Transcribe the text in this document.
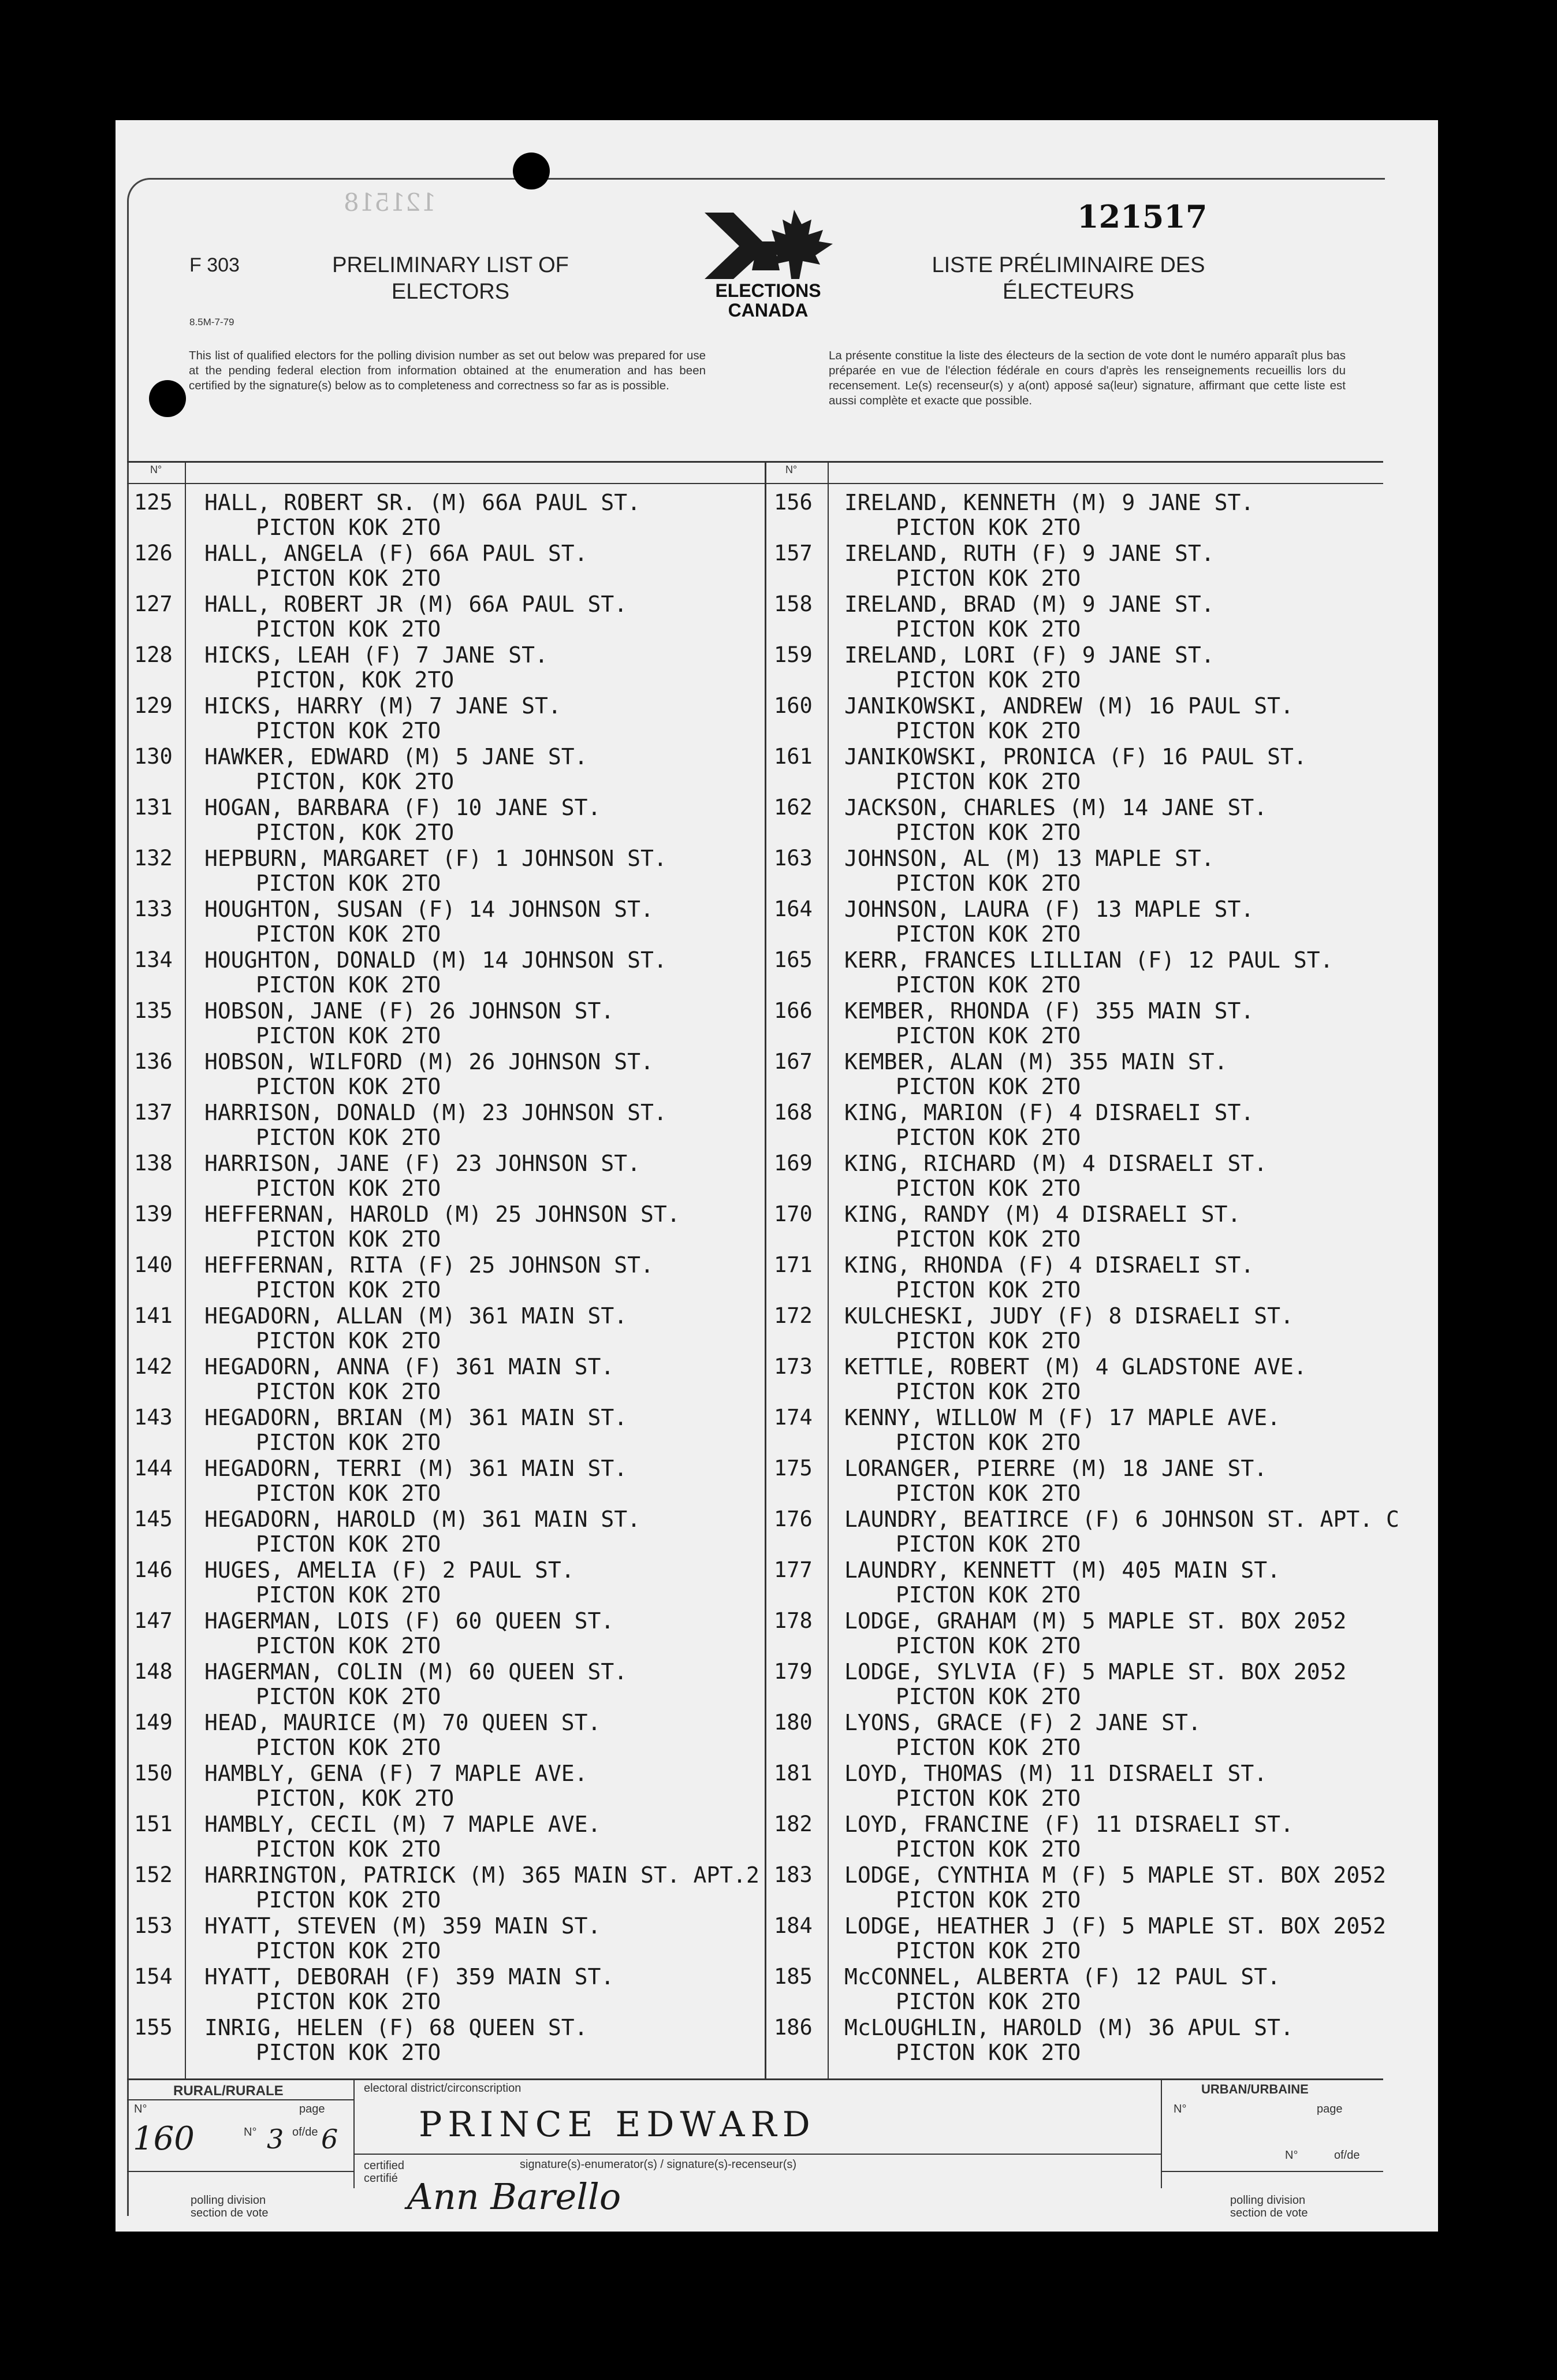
F 303
8.5M-7-79
PRELIMINARY LIST OF ELECTORS
LISTE PRÉLIMINAIRE DES ÉLECTEURS
121518	121517
ELECTIONS CANADA
This list of qualified electors for the polling division number as set out below was prepared for use at the pending federal election from information obtained at the enumeration and has been certified by the signature(s) below as to completeness and correctness so far as is possible.
La présente constitue la liste des électeurs de la section de vote dont le numéro apparaît plus bas préparée en vue de l'élection fédérale en cours d'après les renseignements recueillis lors du recensement. Le(s) recenseur(s) y a(ont) apposé sa(leur) signature, affirmant que cette liste est aussi complète et exacte que possible.
N°	N°
125 HALL, ROBERT SR. (M) 66A PAUL ST.
PICTON KOK 2TO
126 HALL, ANGELA (F) 66A PAUL ST.
PICTON KOK 2TO
127 HALL, ROBERT JR (M) 66A PAUL ST.
PICTON KOK 2TO
128 HICKS, LEAH (F) 7 JANE ST.
PICTON, KOK 2TO
129 HICKS, HARRY (M) 7 JANE ST.
PICTON KOK 2TO
130 HAWKER, EDWARD (M) 5 JANE ST.
PICTON, KOK 2TO
131 HOGAN, BARBARA (F) 10 JANE ST.
PICTON, KOK 2TO
132 HEPBURN, MARGARET (F) 1 JOHNSON ST.
PICTON KOK 2TO
133 HOUGHTON, SUSAN (F) 14 JOHNSON ST.
PICTON KOK 2TO
134 HOUGHTON, DONALD (M) 14 JOHNSON ST.
PICTON KOK 2TO
135 HOBSON, JANE (F) 26 JOHNSON ST.
PICTON KOK 2TO
136 HOBSON, WILFORD (M) 26 JOHNSON ST.
PICTON KOK 2TO
137 HARRISON, DONALD (M) 23 JOHNSON ST.
PICTON KOK 2TO
138 HARRISON, JANE (F) 23 JOHNSON ST.
PICTON KOK 2TO
139 HEFFERNAN, HAROLD (M) 25 JOHNSON ST.
PICTON KOK 2TO
140 HEFFERNAN, RITA (F) 25 JOHNSON ST.
PICTON KOK 2TO
141 HEGADORN, ALLAN (M) 361 MAIN ST.
PICTON KOK 2TO
142 HEGADORN, ANNA (F) 361 MAIN ST.
PICTON KOK 2TO
143 HEGADORN, BRIAN (M) 361 MAIN ST.
PICTON KOK 2TO
144 HEGADORN, TERRI (M) 361 MAIN ST.
PICTON KOK 2TO
145 HEGADORN, HAROLD (M) 361 MAIN ST.
PICTON KOK 2TO
146 HUGES, AMELIA (F) 2 PAUL ST.
PICTON KOK 2TO
147 HAGERMAN, LOIS (F) 60 QUEEN ST.
PICTON KOK 2TO
148 HAGERMAN, COLIN (M) 60 QUEEN ST.
PICTON KOK 2TO
149 HEAD, MAURICE (M) 70 QUEEN ST.
PICTON KOK 2TO
150 HAMBLY, GENA (F) 7 MAPLE AVE.
PICTON, KOK 2TO
151 HAMBLY, CECIL (M) 7 MAPLE AVE.
PICTON KOK 2TO
152 HARRINGTON, PATRICK (M) 365 MAIN ST. APT.2
PICTON KOK 2TO
153 HYATT, STEVEN (M) 359 MAIN ST.
PICTON KOK 2TO
154 HYATT, DEBORAH (F) 359 MAIN ST.
PICTON KOK 2TO
155 INRIG, HELEN (F) 68 QUEEN ST.
PICTON KOK 2TO
156 IRELAND, KENNETH (M) 9 JANE ST.
PICTON KOK 2TO
157 IRELAND, RUTH (F) 9 JANE ST.
PICTON KOK 2TO
158 IRELAND, BRAD (M) 9 JANE ST.
PICTON KOK 2TO
159 IRELAND, LORI (F) 9 JANE ST.
PICTON KOK 2TO
160 JANIKOWSKI, ANDREW (M) 16 PAUL ST.
PICTON KOK 2TO
161 JANIKOWSKI, PRONICA (F) 16 PAUL ST.
PICTON KOK 2TO
162 JACKSON, CHARLES (M) 14 JANE ST.
PICTON KOK 2TO
163 JOHNSON, AL (M) 13 MAPLE ST.
PICTON KOK 2TO
164 JOHNSON, LAURA (F) 13 MAPLE ST.
PICTON KOK 2TO
165 KERR, FRANCES LILLIAN (F) 12 PAUL ST.
PICTON KOK 2TO
166 KEMBER, RHONDA (F) 355 MAIN ST.
PICTON KOK 2TO
167 KEMBER, ALAN (M) 355 MAIN ST.
PICTON KOK 2TO
168 KING, MARION (F) 4 DISRAELI ST.
PICTON KOK 2TO
169 KING, RICHARD (M) 4 DISRAELI ST.
PICTON KOK 2TO
170 KING, RANDY (M) 4 DISRAELI ST.
PICTON KOK 2TO
171 KING, RHONDA (F) 4 DISRAELI ST.
PICTON KOK 2TO
172 KULCHESKI, JUDY (F) 8 DISRAELI ST.
PICTON KOK 2TO
173 KETTLE, ROBERT (M) 4 GLADSTONE AVE.
PICTON KOK 2TO
174 KENNY, WILLOW M (F) 17 MAPLE AVE.
PICTON KOK 2TO
175 LORANGER, PIERRE (M) 18 JANE ST.
PICTON KOK 2TO
176 LAUNDRY, BEATIRCE (F) 6 JOHNSON ST. APT. C
PICTON KOK 2TO
177 LAUNDRY, KENNETT (M) 405 MAIN ST.
PICTON KOK 2TO
178 LODGE, GRAHAM (M) 5 MAPLE ST. BOX 2052
PICTON KOK 2TO
179 LODGE, SYLVIA (F) 5 MAPLE ST. BOX 2052
PICTON KOK 2TO
180 LYONS, GRACE (F) 2 JANE ST.
PICTON KOK 2TO
181 LOYD, THOMAS (M) 11 DISRAELI ST.
PICTON KOK 2TO
182 LOYD, FRANCINE (F) 11 DISRAELI ST.
PICTON KOK 2TO
183 LODGE, CYNTHIA M (F) 5 MAPLE ST. BOX 2052
PICTON KOK 2TO
184 LODGE, HEATHER J (F) 5 MAPLE ST. BOX 2052
PICTON KOK 2TO
185 McCONNEL, ALBERTA (F) 12 PAUL ST.
PICTON KOK 2TO
186 McLOUGHLIN, HAROLD (M) 36 APUL ST.
PICTON KOK 2TO
RURAL/RURALE	electoral district/circonscription
PRINCE EDWARD
URBAN/URBAINE
N°	page
160	N° 3 of/de 6
N°	page
N°	of/de
certified
certifié
signature(s)-enumerator(s) / signature(s)-recenseur(s)
Ann Barello
polling division
section de vote
polling division
section de vote
